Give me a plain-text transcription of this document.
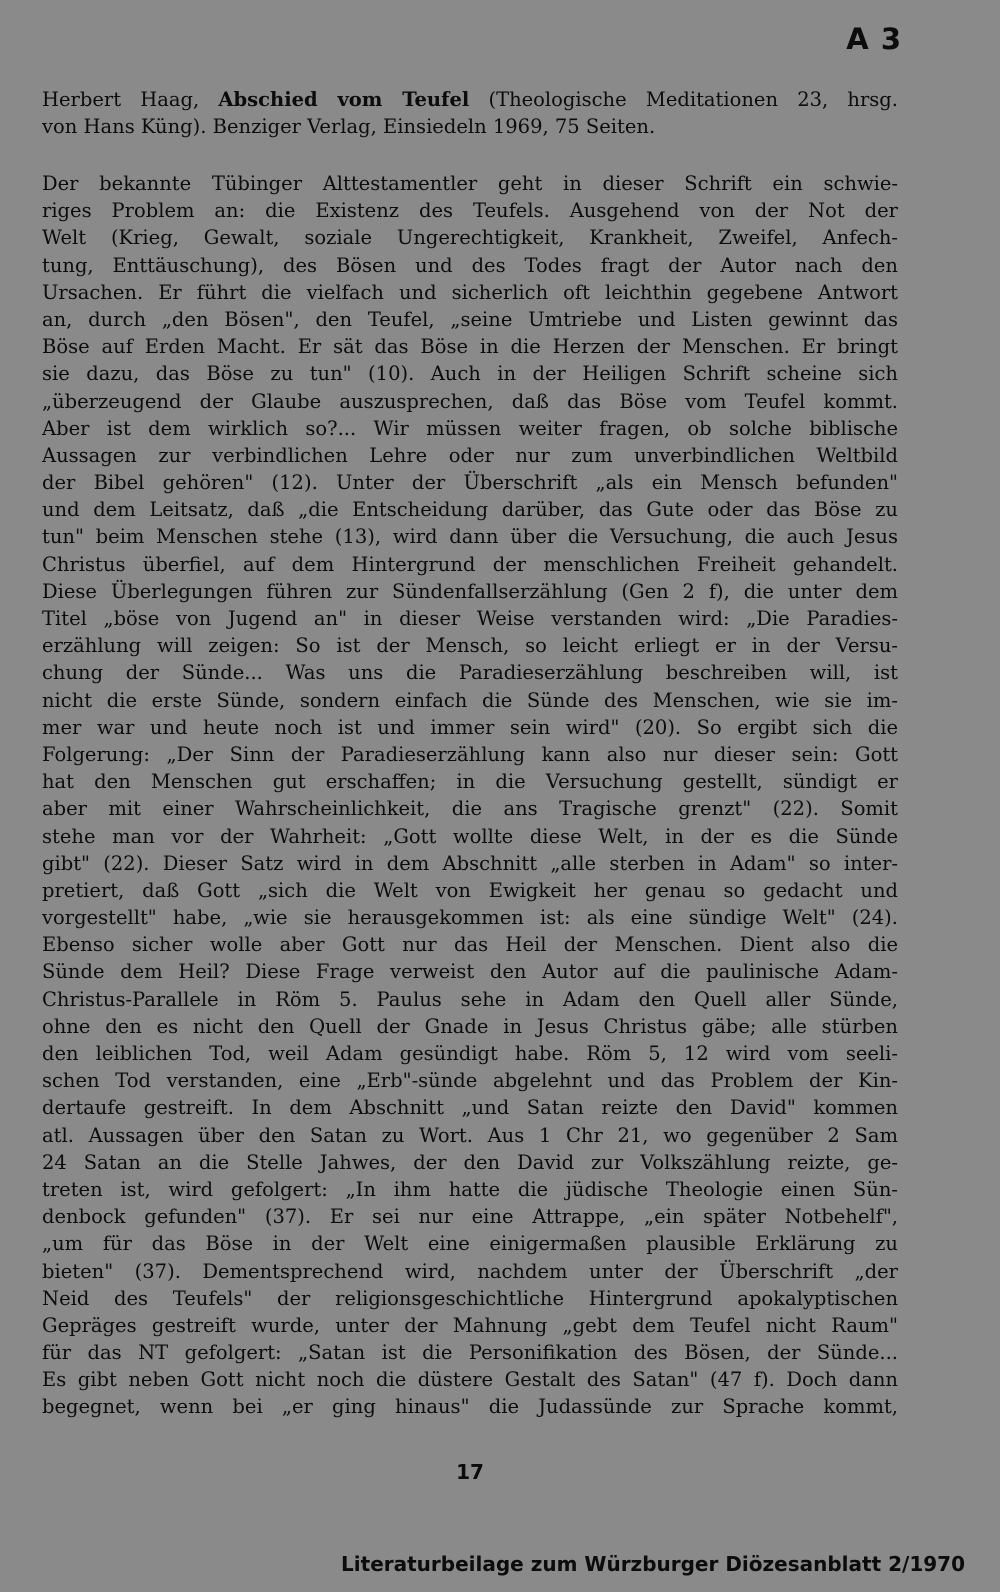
A 3
Herbert Haag, Abschied vom Teufel (Theologische Meditationen 23, hrsg.
von Hans Küng). Benziger Verlag, Einsiedeln 1969, 75 Seiten.
Der bekannte Tübinger Alttestamentler geht in dieser Schrift ein schwie-
riges Problem an: die Existenz des Teufels. Ausgehend von der Not der
Welt (Krieg, Gewalt, soziale Ungerechtigkeit, Krankheit, Zweifel, Anfech-
tung, Enttäuschung), des Bösen und des Todes fragt der Autor nach den
Ursachen. Er führt die vielfach und sicherlich oft leichthin gegebene Antwort
an, durch „den Bösen", den Teufel, „seine Umtriebe und Listen gewinnt das
Böse auf Erden Macht. Er sät das Böse in die Herzen der Menschen. Er bringt
sie dazu, das Böse zu tun" (10). Auch in der Heiligen Schrift scheine sich
„überzeugend der Glaube auszusprechen, daß das Böse vom Teufel kommt.
Aber ist dem wirklich so?... Wir müssen weiter fragen, ob solche biblische
Aussagen zur verbindlichen Lehre oder nur zum unverbindlichen Weltbild
der Bibel gehören" (12). Unter der Überschrift „als ein Mensch befunden"
und dem Leitsatz, daß „die Entscheidung darüber, das Gute oder das Böse zu
tun" beim Menschen stehe (13), wird dann über die Versuchung, die auch Jesus
Christus überfiel, auf dem Hintergrund der menschlichen Freiheit gehandelt.
Diese Überlegungen führen zur Sündenfallserzählung (Gen 2 f), die unter dem
Titel „böse von Jugend an" in dieser Weise verstanden wird: „Die Paradies-
erzählung will zeigen: So ist der Mensch, so leicht erliegt er in der Versu-
chung der Sünde... Was uns die Paradieserzählung beschreiben will, ist
nicht die erste Sünde, sondern einfach die Sünde des Menschen, wie sie im-
mer war und heute noch ist und immer sein wird" (20). So ergibt sich die
Folgerung: „Der Sinn der Paradieserzählung kann also nur dieser sein: Gott
hat den Menschen gut erschaffen; in die Versuchung gestellt, sündigt er
aber mit einer Wahrscheinlichkeit, die ans Tragische grenzt" (22). Somit
stehe man vor der Wahrheit: „Gott wollte diese Welt, in der es die Sünde
gibt" (22). Dieser Satz wird in dem Abschnitt „alle sterben in Adam" so inter-
pretiert, daß Gott „sich die Welt von Ewigkeit her genau so gedacht und
vorgestellt" habe, „wie sie herausgekommen ist: als eine sündige Welt" (24).
Ebenso sicher wolle aber Gott nur das Heil der Menschen. Dient also die
Sünde dem Heil? Diese Frage verweist den Autor auf die paulinische Adam-
Christus-Parallele in Röm 5. Paulus sehe in Adam den Quell aller Sünde,
ohne den es nicht den Quell der Gnade in Jesus Christus gäbe; alle stürben
den leiblichen Tod, weil Adam gesündigt habe. Röm 5, 12 wird vom seeli-
schen Tod verstanden, eine „Erb"-sünde abgelehnt und das Problem der Kin-
dertaufe gestreift. In dem Abschnitt „und Satan reizte den David" kommen
atl. Aussagen über den Satan zu Wort. Aus 1 Chr 21, wo gegenüber 2 Sam
24 Satan an die Stelle Jahwes, der den David zur Volkszählung reizte, ge-
treten ist, wird gefolgert: „In ihm hatte die jüdische Theologie einen Sün-
denbock gefunden" (37). Er sei nur eine Attrappe, „ein später Notbehelf",
„um für das Böse in der Welt eine einigermaßen plausible Erklärung zu
bieten" (37). Dementsprechend wird, nachdem unter der Überschrift „der
Neid des Teufels" der religionsgeschichtliche Hintergrund apokalyptischen
Gepräges gestreift wurde, unter der Mahnung „gebt dem Teufel nicht Raum"
für das NT gefolgert: „Satan ist die Personifikation des Bösen, der Sünde...
Es gibt neben Gott nicht noch die düstere Gestalt des Satan" (47 f). Doch dann
begegnet, wenn bei „er ging hinaus" die Judassünde zur Sprache kommt,
17
Literaturbeilage zum Würzburger Diözesanblatt 2/1970
